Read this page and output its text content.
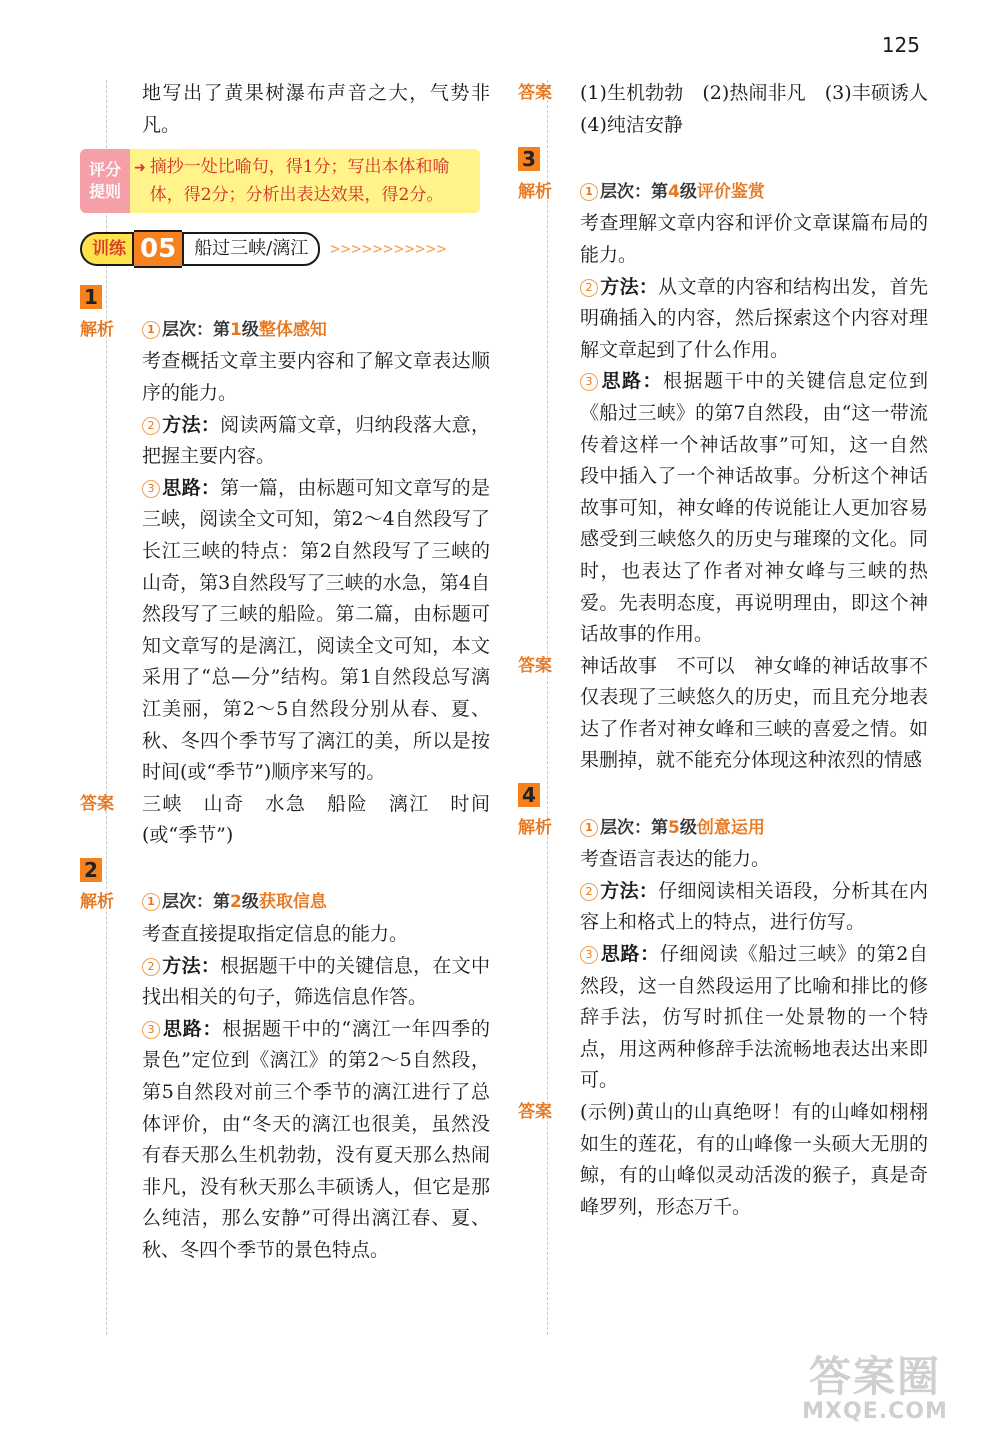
125

地写出了黄果树瀑布声音之大，气势非凡。

评分提则
➜ 摘抄一处比喻句，得1分；写出本体和喻体，得2分；分析出表达效果，得2分。
训练 05	船过三峡/漓江	>>>>>>>>>>>
1
解析	1 层次：第1级整体感知

考查概括文章主要内容和了解文章表达顺序的能力。

2 方法：阅读两篇文章，归纳段落大意，把握主要内容。

3 思路：第一篇，由标题可知文章写的是三峡，阅读全文可知，第2～4自然段写了长江三峡的特点：第2自然段写了三峡的山奇，第3自然段写了三峡的水急，第4自然段写了三峡的船险。第二篇，由标题可知文章写的是漓江，阅读全文可知，本文采用了“总—分”结构。第1自然段总写漓江美丽，第2～5自然段分别从春、夏、秋、冬四个季节写了漓江的美，所以是按时间(或“季节”)顺序来写的。

答案 三峡　山奇　水急　船险　漓江　时间(或“季节”)

2
解析	1 层次：第2级获取信息

考查直接提取指定信息的能力。

2 方法：根据题干中的关键信息，在文中找出相关的句子，筛选信息作答。

3 思路：根据题干中的“漓江一年四季的景色”定位到《漓江》的第2～5自然段，第5自然段对前三个季节的漓江进行了总体评价，由“冬天的漓江也很美，虽然没有春天那么生机勃勃，没有夏天那么热闹非凡，没有秋天那么丰硕诱人，但它是那么纯洁，那么安静”可得出漓江春、夏、秋、冬四个季节的景色特点。

答案 (1)生机勃勃　(2)热闹非凡　(3)丰硕诱人　(4)纯洁安静

3
解析	1 层次：第4级评价鉴赏

考查理解文章内容和评价文章谋篇布局的能力。

2 方法：从文章的内容和结构出发，首先明确插入的内容，然后探索这个内容对理解文章起到了什么作用。

3 思路：根据题干中的关键信息定位到《船过三峡》的第7自然段，由“这一带流传着这样一个神话故事”可知，这一自然段中插入了一个神话故事。分析这个神话故事可知，神女峰的传说能让人更加容易感受到三峡悠久的历史与璀璨的文化。同时，也表达了作者对神女峰与三峡的热爱。先表明态度，再说明理由，即这个神话故事的作用。

答案 神话故事　不可以　神女峰的神话故事不仅表现了三峡悠久的历史，而且充分地表达了作者对神女峰和三峡的喜爱之情。如果删掉，就不能充分体现这种浓烈的情感

4
解析	1 层次：第5级创意运用

考查语言表达的能力。

2 方法：仔细阅读相关语段，分析其在内容上和格式上的特点，进行仿写。

3 思路：仔细阅读《船过三峡》的第2自然段，这一自然段运用了比喻和排比的修辞手法，仿写时抓住一处景物的一个特点，用这两种修辞手法流畅地表达出来即可。

答案 (示例)黄山的山真绝呀！有的山峰如栩栩如生的莲花，有的山峰像一头硕大无朋的鲸，有的山峰似灵动活泼的猴子，真是奇峰罗列，形态万千。

答案圈
MXQE.COM
